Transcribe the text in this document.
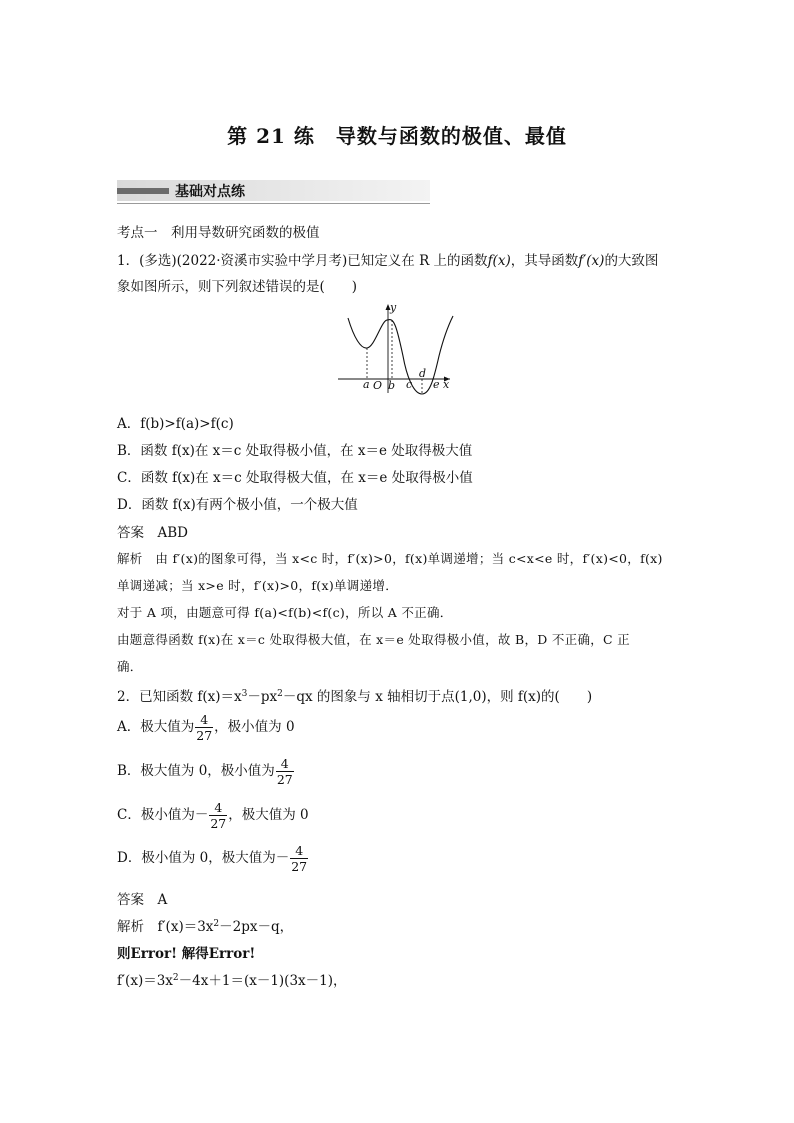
第 21 练　导数与函数的极值、最值
基础对点练
考点一　利用导数研究函数的极值
1．(多选)(2022·资溪市实验中学月考)已知定义在 R 上的函数f(x)，其导函数f′(x)的大致图
象如图所示，则下列叙述错误的是(　　)
y
x
O
a b c
d
e
A．f(b)>f(a)>f(c)
B．函数 f(x)在 x＝c 处取得极小值，在 x＝e 处取得极大值
C．函数 f(x)在 x＝c 处取得极大值，在 x＝e 处取得极小值
D．函数 f(x)有两个极小值，一个极大值
答案　ABD
解析　由 f′(x)的图象可得，当 x<c 时，f′(x)>0，f(x)单调递增；当 c<x<e 时，f′(x)<0，f(x)
单调递减；当 x>e 时，f′(x)>0，f(x)单调递增．
对于 A 项，由题意可得 f(a)<f(b)<f(c)，所以 A 不正确．
由题意得函数 f(x)在 x＝c 处取得极大值，在 x＝e 处取得极小值，故 B，D 不正确，C 正
确．
2．已知函数 $f(x)=x^3-px^2-qx$ 的图象与 x 轴相切于点(1,0)，则 f(x)的(　　)
A．极大值为 $\frac{4}{27}$ ，极小值为 0
B．极大值为 0，极小值为 $\frac{4}{27}$
C．极小值为－ $\frac{4}{27}$ ，极大值为 0
D．极小值为 0，极大值为－ $\frac{4}{27}$
答案　A
解析　$f'(x)=3x^2-2px-q$，
则Error! 解得Error!
$f'(x)=3x^2-4x+1=(x-1)(3x-1)$，
